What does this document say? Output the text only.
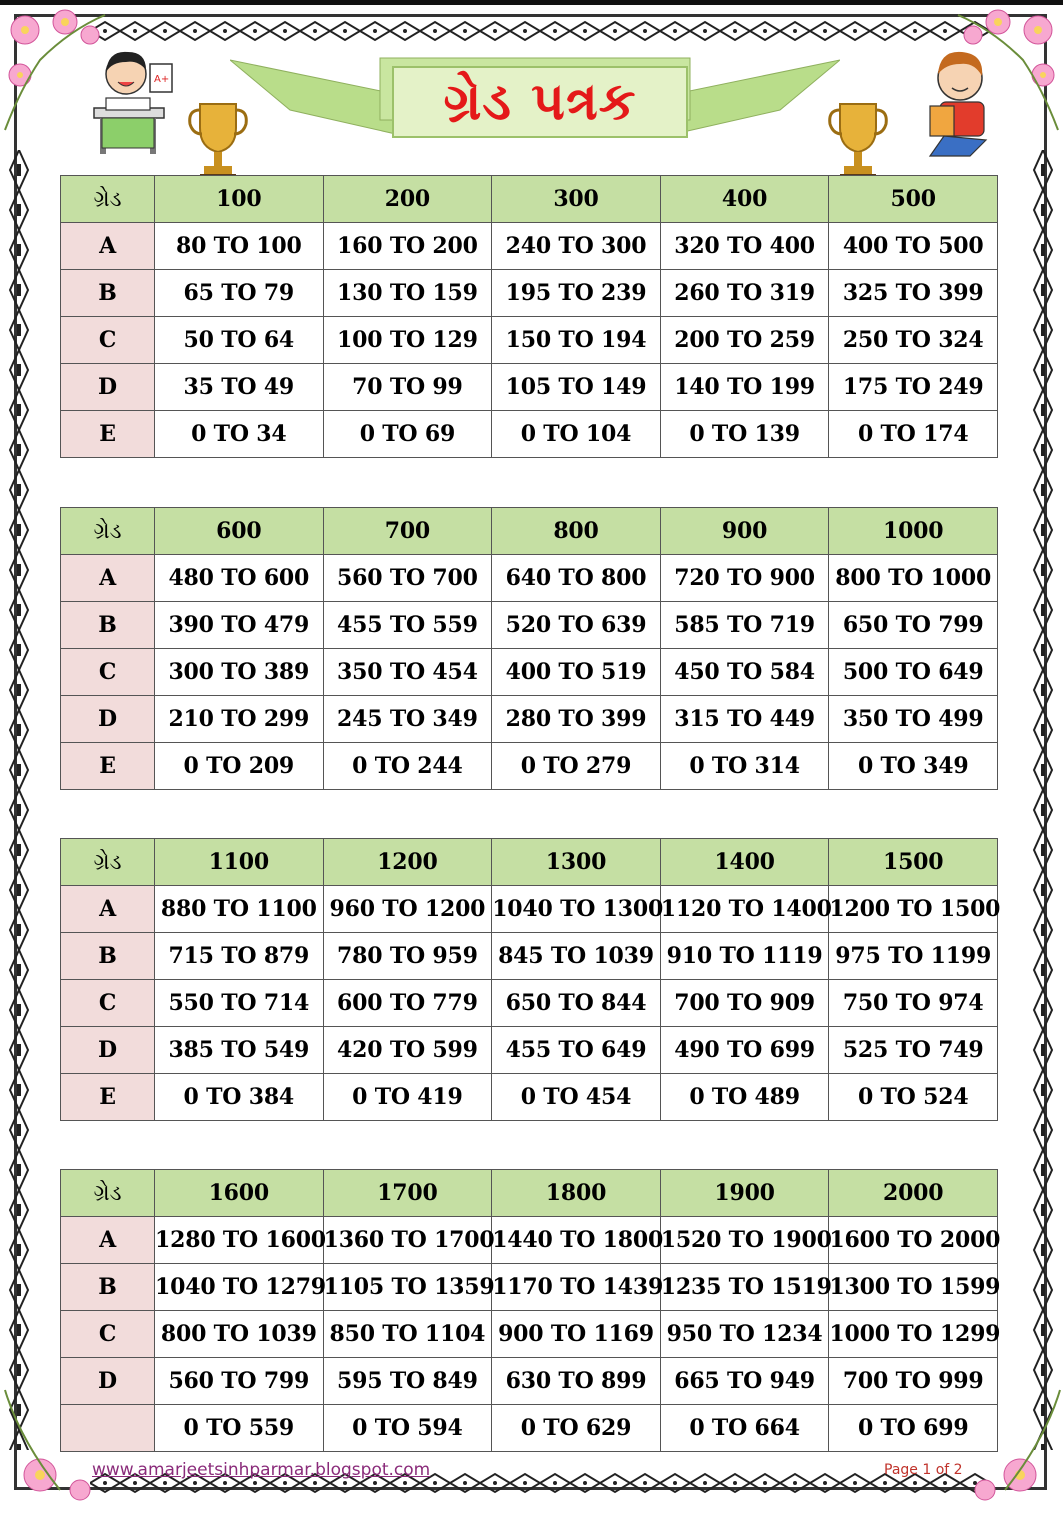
ગ્રેડ પત્રક
A+
ગ્રેડ	100	200	300	400	500
A	80 TO 100	160 TO 200	240 TO 300	320 TO 400	400 TO 500
B	65 TO 79	130 TO 159	195 TO 239	260 TO 319	325 TO 399
C	50 TO 64	100 TO 129	150 TO 194	200 TO 259	250 TO 324
D	35 TO 49	70 TO 99	105 TO 149	140 TO 199	175 TO 249
E	0 TO 34	0 TO 69	0 TO 104	0 TO 139	0 TO 174
ગ્રેડ	600	700	800	900	1000
A	480 TO 600	560 TO 700	640 TO 800	720 TO 900	800 TO 1000
B	390 TO 479	455 TO 559	520 TO 639	585 TO 719	650 TO 799
C	300 TO 389	350 TO 454	400 TO 519	450 TO 584	500 TO 649
D	210 TO 299	245 TO 349	280 TO 399	315 TO 449	350 TO 499
E	0 TO 209	0 TO 244	0 TO 279	0 TO 314	0 TO 349
ગ્રેડ	1100	1200	1300	1400	1500
A	880 TO 1100	960 TO 1200	1040 TO 1300	1120 TO 1400	1200 TO 1500
B	715 TO 879	780 TO 959	845 TO 1039	910 TO 1119	975 TO 1199
C	550 TO 714	600 TO 779	650 TO 844	700 TO 909	750 TO 974
D	385 TO 549	420 TO 599	455 TO 649	490 TO 699	525 TO 749
E	0 TO 384	0 TO 419	0 TO 454	0 TO 489	0 TO 524
ગ્રેડ	1600	1700	1800	1900	2000
A	1280 TO 1600	1360 TO 1700	1440 TO 1800	1520 TO 1900	1600 TO 2000
B	1040 TO 1279	1105 TO 1359	1170 TO 1439	1235 TO 1519	1300 TO 1599
C	800 TO 1039	850 TO 1104	900 TO 1169	950 TO 1234	1000 TO 1299
D	560 TO 799	595 TO 849	630 TO 899	665 TO 949	700 TO 999
	0 TO 559	0 TO 594	0 TO 629	0 TO 664	0 TO 699
www.amarjeetsinhparmar.blogspot.com	Page 1 of 2
